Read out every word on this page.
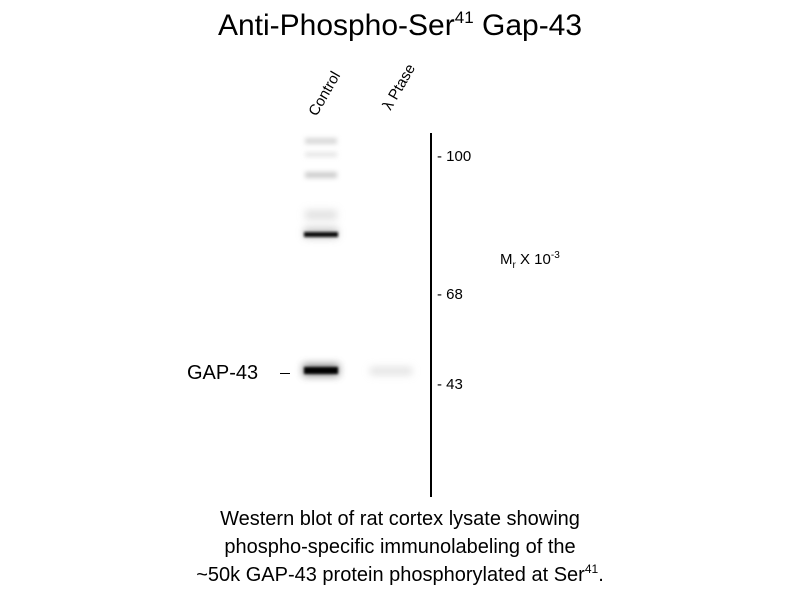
Anti-Phospho-Ser$^{41}$ Gap-43
Control λ Ptase
- 100
- 68
- 43
$M_r$ X $10^{-3}$
GAP-43
Western blot of rat cortex lysate showing
phospho-specific immunolabeling of the
~50k GAP-43 protein phosphorylated at Ser$^{41}$.
